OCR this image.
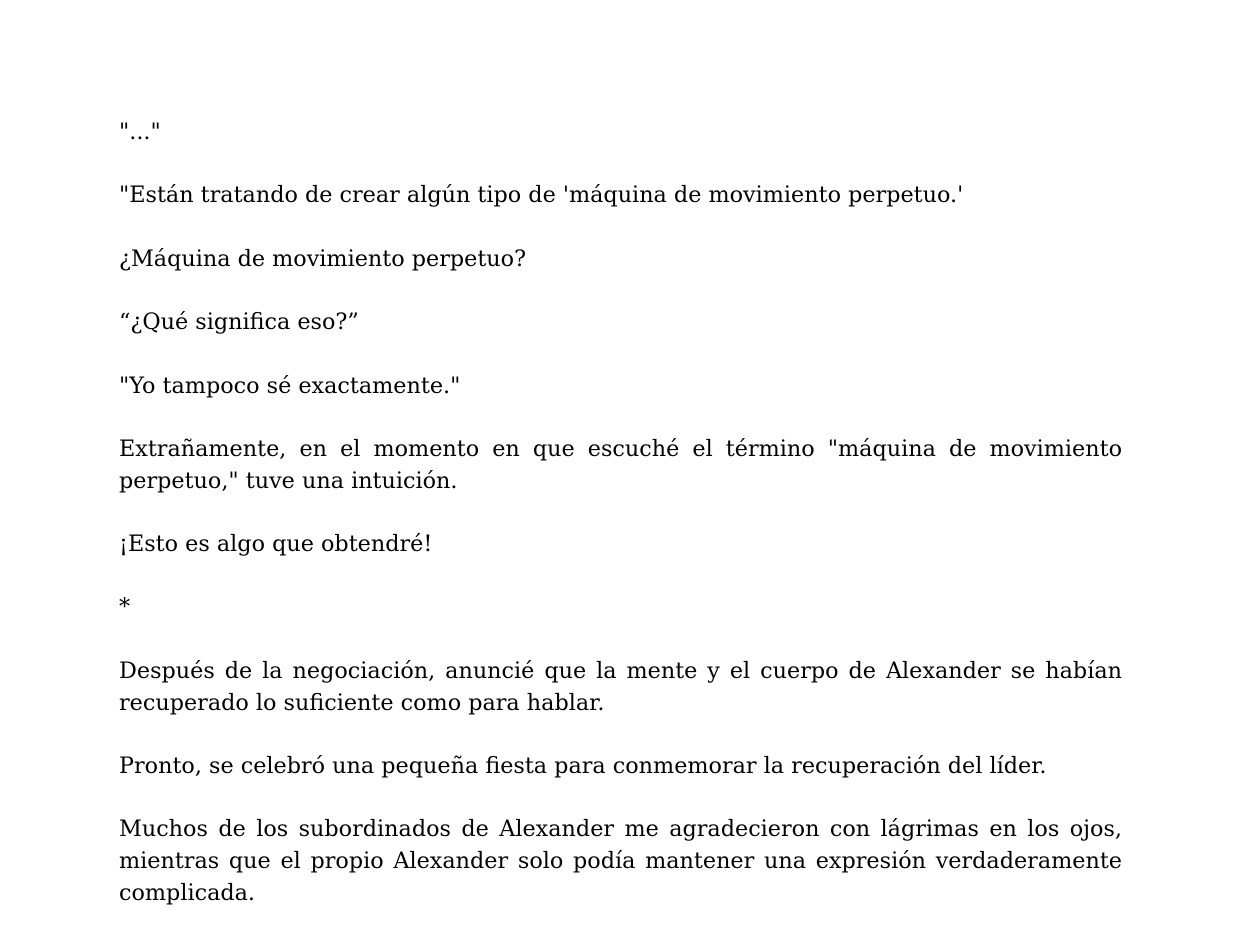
"..."

"Están tratando de crear algún tipo de 'máquina de movimiento perpetuo.'

¿Máquina de movimiento perpetuo?

“¿Qué significa eso?”

"Yo tampoco sé exactamente."

Extrañamente, en el momento en que escuché el término "máquina de movimiento perpetuo," tuve una intuición.

¡Esto es algo que obtendré!

*

Después de la negociación, anuncié que la mente y el cuerpo de Alexander se habían recuperado lo suficiente como para hablar.

Pronto, se celebró una pequeña fiesta para conmemorar la recuperación del líder.

Muchos de los subordinados de Alexander me agradecieron con lágrimas en los ojos, mientras que el propio Alexander solo podía mantener una expresión verdaderamente complicada.
